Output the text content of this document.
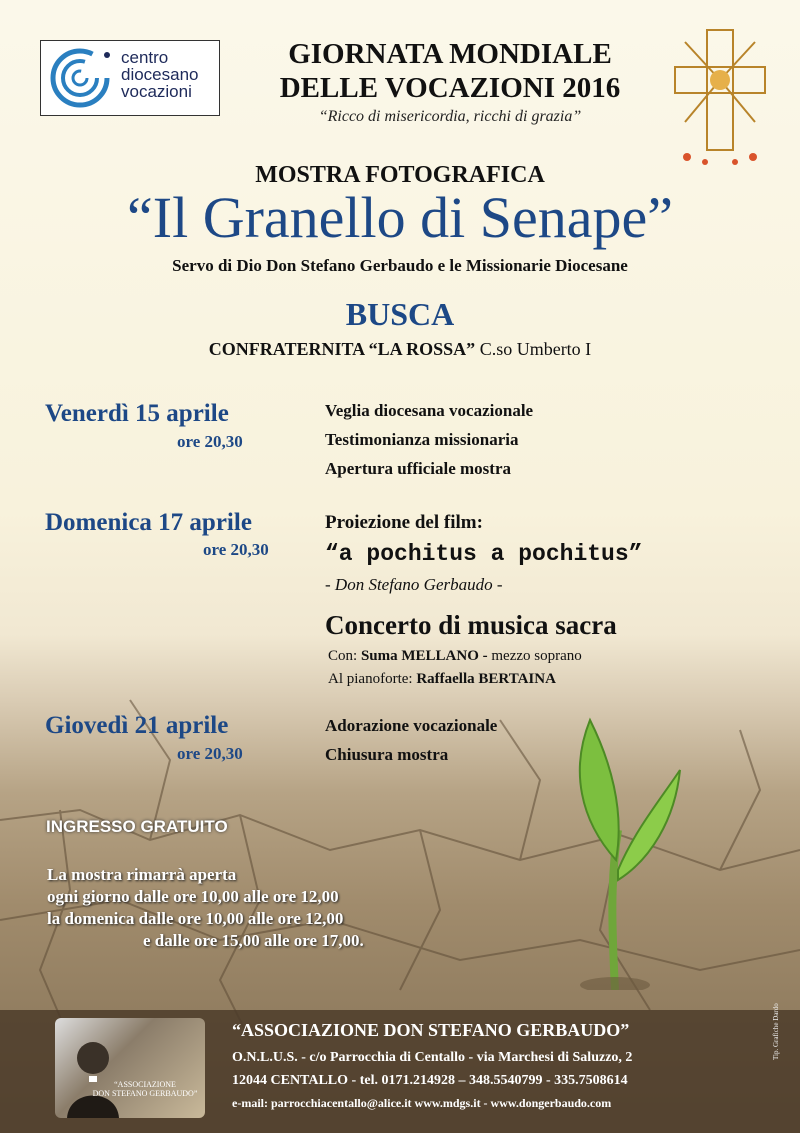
centro
diocesano
vocazioni
GIORNATA MONDIALE
DELLE VOCAZIONI 2016
“Ricco di misericordia, ricchi di grazia”
MOSTRA FOTOGRAFICA
“Il Granello di Senape”
Servo di Dio Don Stefano Gerbaudo e le Missionarie Diocesane
BUSCA
CONFRATERNITA “LA ROSSA” C.so Umberto I
Venerdì 15 aprile
ore 20,30
Veglia diocesana vocazionale
Testimonianza missionaria
Apertura ufficiale mostra
Domenica 17 aprile
ore 20,30
Proiezione del film:
“a pochitus a pochitus”
- Don Stefano Gerbaudo -
Concerto di musica sacra
Con: Suma MELLANO - mezzo soprano
Al pianoforte: Raffaella BERTAINA
Giovedì 21 aprile
ore 20,30
Adorazione vocazionale
Chiusura mostra
INGRESSO GRATUITO
La mostra rimarrà aperta
ogni giorno dalle ore 10,00 alle ore 12,00
la domenica dalle ore 10,00 alle ore 12,00
e dalle ore 15,00 alle ore 17,00.
“ASSOCIAZIONE
DON STEFANO GERBAUDO”
“ASSOCIAZIONE DON STEFANO GERBAUDO”
O.N.L.U.S. - c/o Parrocchia di Centallo - via Marchesi di Saluzzo, 2
12044 CENTALLO - tel. 0171.214928 – 348.5540799 - 335.7508614
e-mail: parrocchiacentallo@alice.it www.mdgs.it - www.dongerbaudo.com
Tip. Grafiche Dardo
